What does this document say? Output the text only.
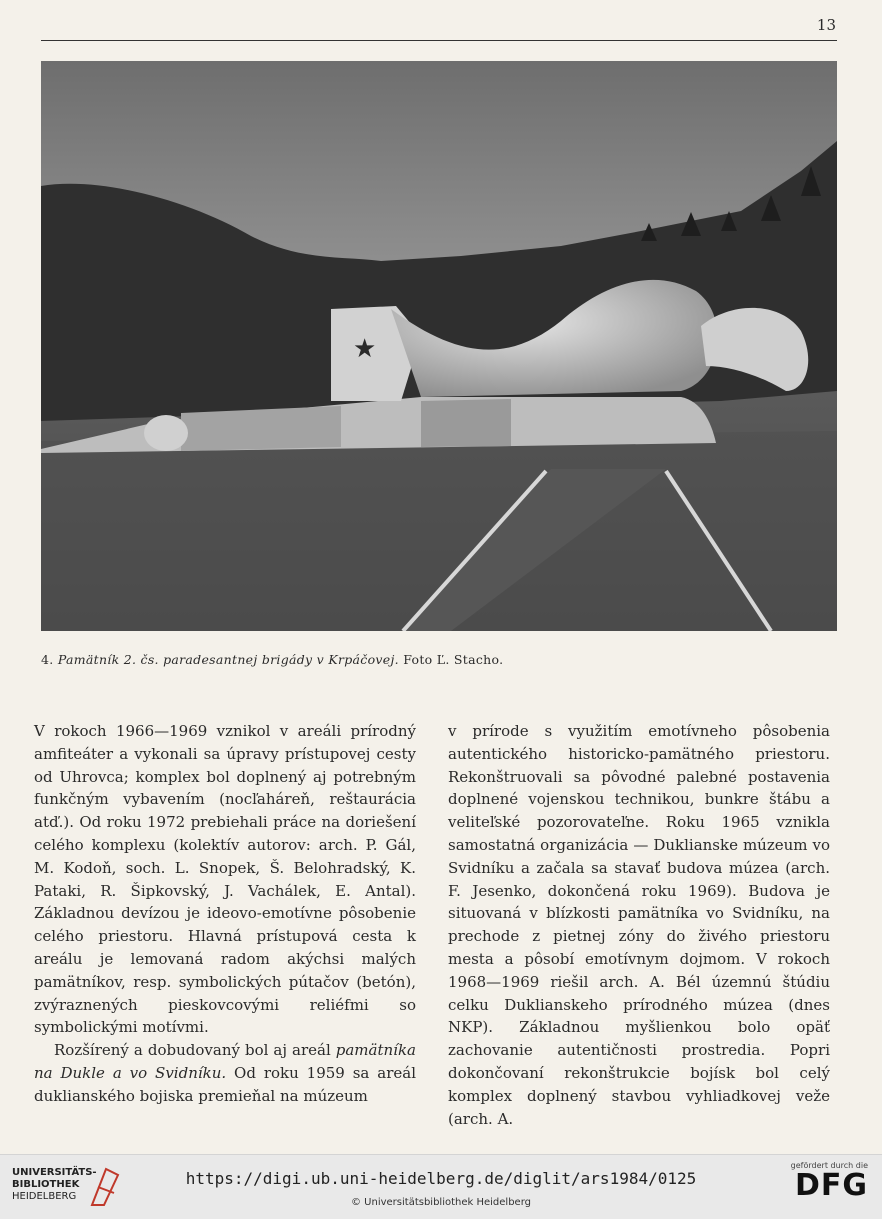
13
★
4. Pamätník 2. čs. paradesantnej brigády v Krpáčovej. Foto Ľ. Stacho.

V rokoch 1966—1969 vznikol v areáli prírodný amfiteáter a vykonali sa úpravy prístupovej cesty od Uhrovca; komplex bol doplnený aj potrebným funkčným vybavením (nocľaháreň, reštaurácia atď.). Od roku 1972 prebiehali práce na doriešení celého komplexu (kolektív autorov: arch. P. Gál, M. Kodoň, soch. L. Snopek, Š. Belohradský, K. Pataki, R. Šipkovský, J. Vachálek, E. Antal). Základnou devízou je ideovo-emotívne pôsobenie celého priestoru. Hlavná prístupová cesta k areálu je lemovaná radom akýchsi malých pamätníkov, resp. symbolických pútačov (betón), zvýraznených pieskovcovými reliéfmi so symbolickými motívmi.

Rozšírený a dobudovaný bol aj areál pamätníka na Dukle a vo Svidníku. Od roku 1959 sa areál duklianského bojiska premieňal na múzeum

v prírode s využitím emotívneho pôsobenia autentického historicko-pamätného priestoru. Rekonštruovali sa pôvodné palebné postavenia doplnené vojenskou technikou, bunkre štábu a veliteľské pozorovateľne. Roku 1965 vznikla samostatná organizácia — Duklianske múzeum vo Svidníku a začala sa stavať budova múzea (arch. F. Jesenko, dokončená roku 1969). Budova je situovaná v blízkosti pamätníka vo Svidníku, na prechode z pietnej zóny do živého priestoru mesta a pôsobí emotívnym dojmom. V rokoch 1968—1969 riešil arch. A. Bél územnú štúdiu celku Duklianskeho prírodného múzea (dnes NKP). Základnou myšlienkou bolo opäť zachovanie autentičnosti prostredia. Popri dokončovaní rekonštrukcie bojísk bol celý komplex doplnený stavbou vyhliadkovej veže (arch. A.

UNIVERSITÄTS-
BIBLIOTHEK
HEIDELBERG
https://digi.ub.uni-heidelberg.de/diglit/ars1984/0125
© Universitätsbibliothek Heidelberg
gefördert durch die
DFG
